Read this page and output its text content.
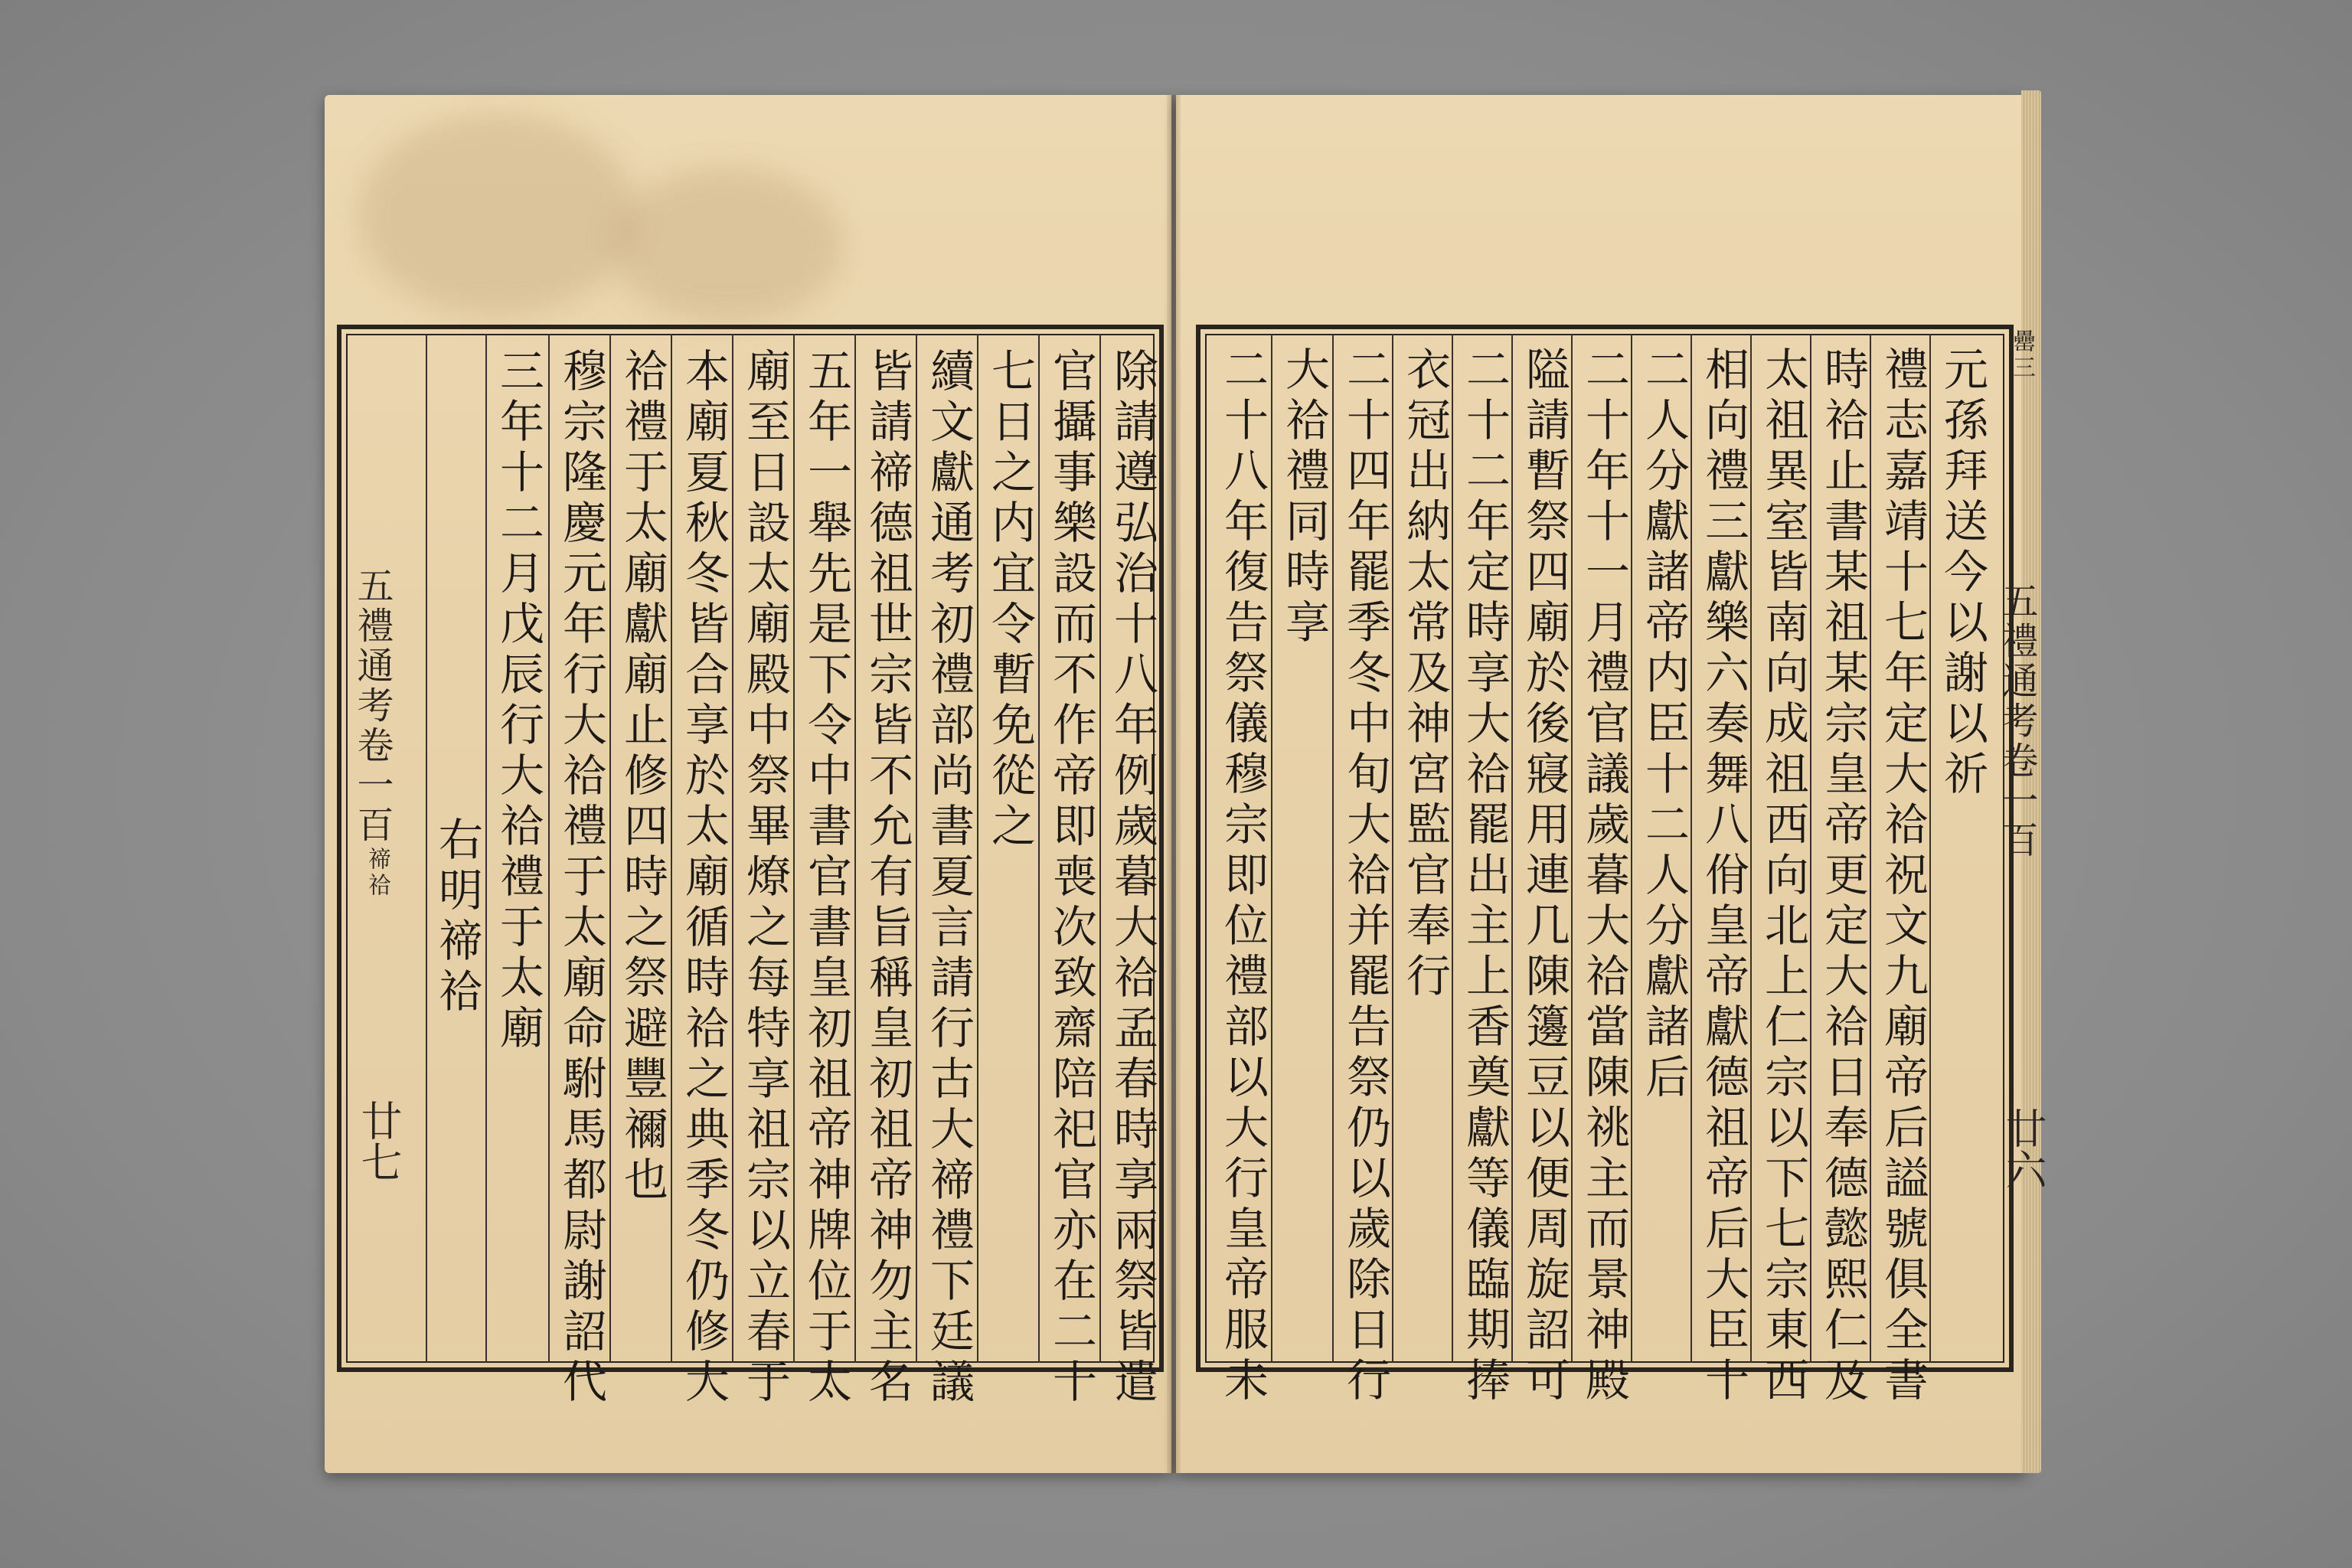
除請遵弘治十八年例歲暮大祫孟春時享兩祭皆遣
官攝事樂設而不作帝即喪次致齋陪祀官亦在二十
七日之内宜令暫免從之
續文獻通考初禮部尚書夏言請行古大禘禮下廷議
皆請禘德祖世宗皆不允有旨稱皇初祖帝神勿主名
五年一舉先是下令中書官書皇初祖帝神牌位于太
廟至日設太廟殿中祭畢燎之每特享祖宗以立春于
本廟夏秋冬皆合享於太廟循時祫之典季冬仍修大
祫禮于太廟獻廟止修四時之祭避豐禰也
穆宗隆慶元年行大祫禮于太廟命駙馬都尉謝詔代
三年十二月戊辰行大祫禮于太廟
右明禘祫
五禮通考卷一百
禘祫
廿七
元孫拜送今以謝以祈
禮志嘉靖十七年定大祫祝文九廟帝后謚號俱全書
時祫止書某祖某宗皇帝更定大祫日奉德懿熙仁及
太祖異室皆南向成祖西向北上仁宗以下七宗東西
相向禮三獻樂六奏舞八佾皇帝獻德祖帝后大臣十
二人分獻諸帝内臣十二人分獻諸后
二十年十一月禮官議歲暮大祫當陳祧主而景神殿
隘請暫祭四廟於後寢用連几陳籩豆以便周旋詔可
二十二年定時享大祫罷出主上香奠獻等儀臨期捧
衣冠出納太常及神宮監官奉行
二十四年罷季冬中旬大祫并罷告祭仍以歲除日行
大祫禮同時享
二十八年復告祭儀穆宗即位禮部以大行皇帝服未	罍三
五禮通考卷一百
廿六
